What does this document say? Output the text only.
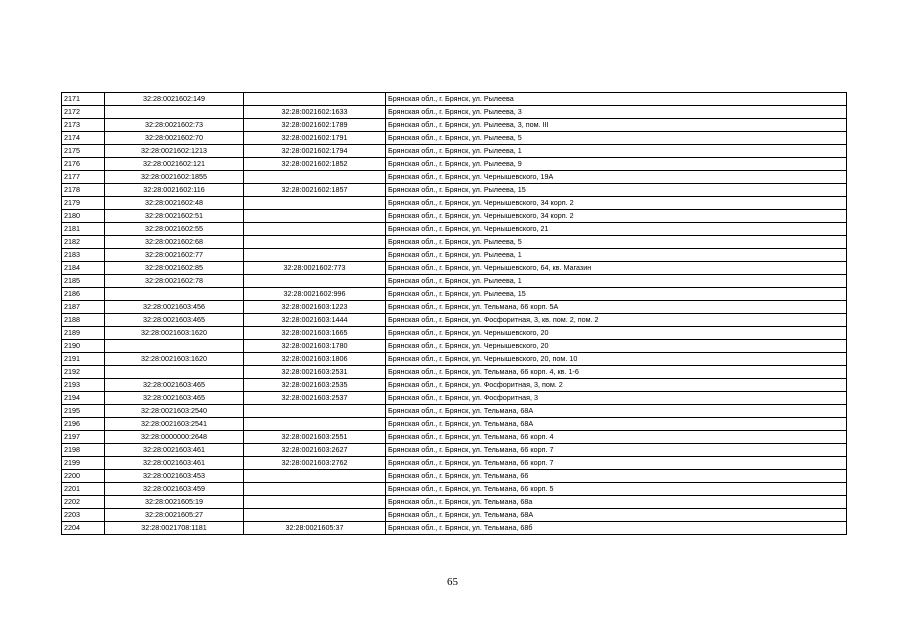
2171	32:28:0021602:149		Брянская обл., г. Брянск, ул. Рылеева
2172		32:28:0021602:1633	Брянская обл., г. Брянск, ул. Рылеева, 3
2173	32:28:0021602:73	32:28:0021602:1789	Брянская обл., г. Брянск, ул. Рылеева, 3, пом. III
2174	32:28:0021602:70	32:28:0021602:1791	Брянская обл., г. Брянск, ул. Рылеева, 5
2175	32:28:0021602:1213	32:28:0021602:1794	Брянская обл., г. Брянск, ул. Рылеева, 1
2176	32:28:0021602:121	32:28:0021602:1852	Брянская обл., г. Брянск, ул. Рылеева, 9
2177	32:28:0021602:1855		Брянская обл., г. Брянск, ул. Чернышевского, 19А
2178	32:28:0021602:116	32:28:0021602:1857	Брянская обл., г. Брянск, ул. Рылеева, 15
2179	32:28:0021602:48		Брянская обл., г. Брянск, ул. Чернышевского, 34 корп. 2
2180	32:28:0021602:51		Брянская обл., г. Брянск, ул. Чернышевского, 34 корп. 2
2181	32:28:0021602:55		Брянская обл., г. Брянск, ул. Чернышевского, 21
2182	32:28:0021602:68		Брянская обл., г. Брянск, ул. Рылеева, 5
2183	32:28:0021602:77		Брянская обл., г. Брянск, ул. Рылеева, 1
2184	32:28:0021602:85	32:28:0021602:773	Брянская обл., г. Брянск, ул. Чернышевского, 64, кв. Магазин
2185	32:28:0021602:78		Брянская обл., г. Брянск, ул. Рылеева, 1
2186		32:28:0021602:996	Брянская обл., г. Брянск, ул. Рылеева, 15
2187	32:28:0021603:456	32:28:0021603:1223	Брянская обл., г. Брянск, ул. Тельмана, 66 корп. 5А
2188	32:28:0021603:465	32:28:0021603:1444	Брянская обл., г. Брянск, ул. Фосфоритная, 3, кв. пом. 2, пом. 2
2189	32:28:0021603:1620	32:28:0021603:1665	Брянская обл., г. Брянск, ул. Чернышевского, 20
2190		32:28:0021603:1780	Брянская обл., г. Брянск, ул. Чернышевского, 20
2191	32:28:0021603:1620	32:28:0021603:1806	Брянская обл., г. Брянск, ул. Чернышевского, 20, пом. 10
2192		32:28:0021603:2531	Брянская обл., г. Брянск, ул. Тельмана, 66 корп. 4, кв. 1-6
2193	32:28:0021603:465	32:28:0021603:2535	Брянская обл., г. Брянск, ул. Фосфоритная, 3, пом. 2
2194	32:28:0021603:465	32:28:0021603:2537	Брянская обл., г. Брянск, ул. Фосфоритная, 3
2195	32:28:0021603:2540		Брянская обл., г. Брянск, ул. Тельмана, 68А
2196	32:28:0021603:2541		Брянская обл., г. Брянск, ул. Тельмана, 68А
2197	32:28:0000000:2648	32:28:0021603:2551	Брянская обл., г. Брянск, ул. Тельмана, 66 корп. 4
2198	32:28:0021603:461	32:28:0021603:2627	Брянская обл., г. Брянск, ул. Тельмана, 66 корп. 7
2199	32:28:0021603:461	32:28:0021603:2762	Брянская обл., г. Брянск, ул. Тельмана, 66 корп. 7
2200	32:28:0021603:453		Брянская обл., г. Брянск, ул. Тельмана, 66
2201	32:28:0021603:459		Брянская обл., г. Брянск, ул. Тельмана, 66 корп. 5
2202	32:28:0021605:19		Брянская обл., г. Брянск, ул. Тельмана, 68а
2203	32:28:0021605:27		Брянская обл., г. Брянск, ул. Тельмана, 68А
2204	32:28:0021708:1181	32:28:0021605:37	Брянская обл., г. Брянск, ул. Тельмана, 68б
65
